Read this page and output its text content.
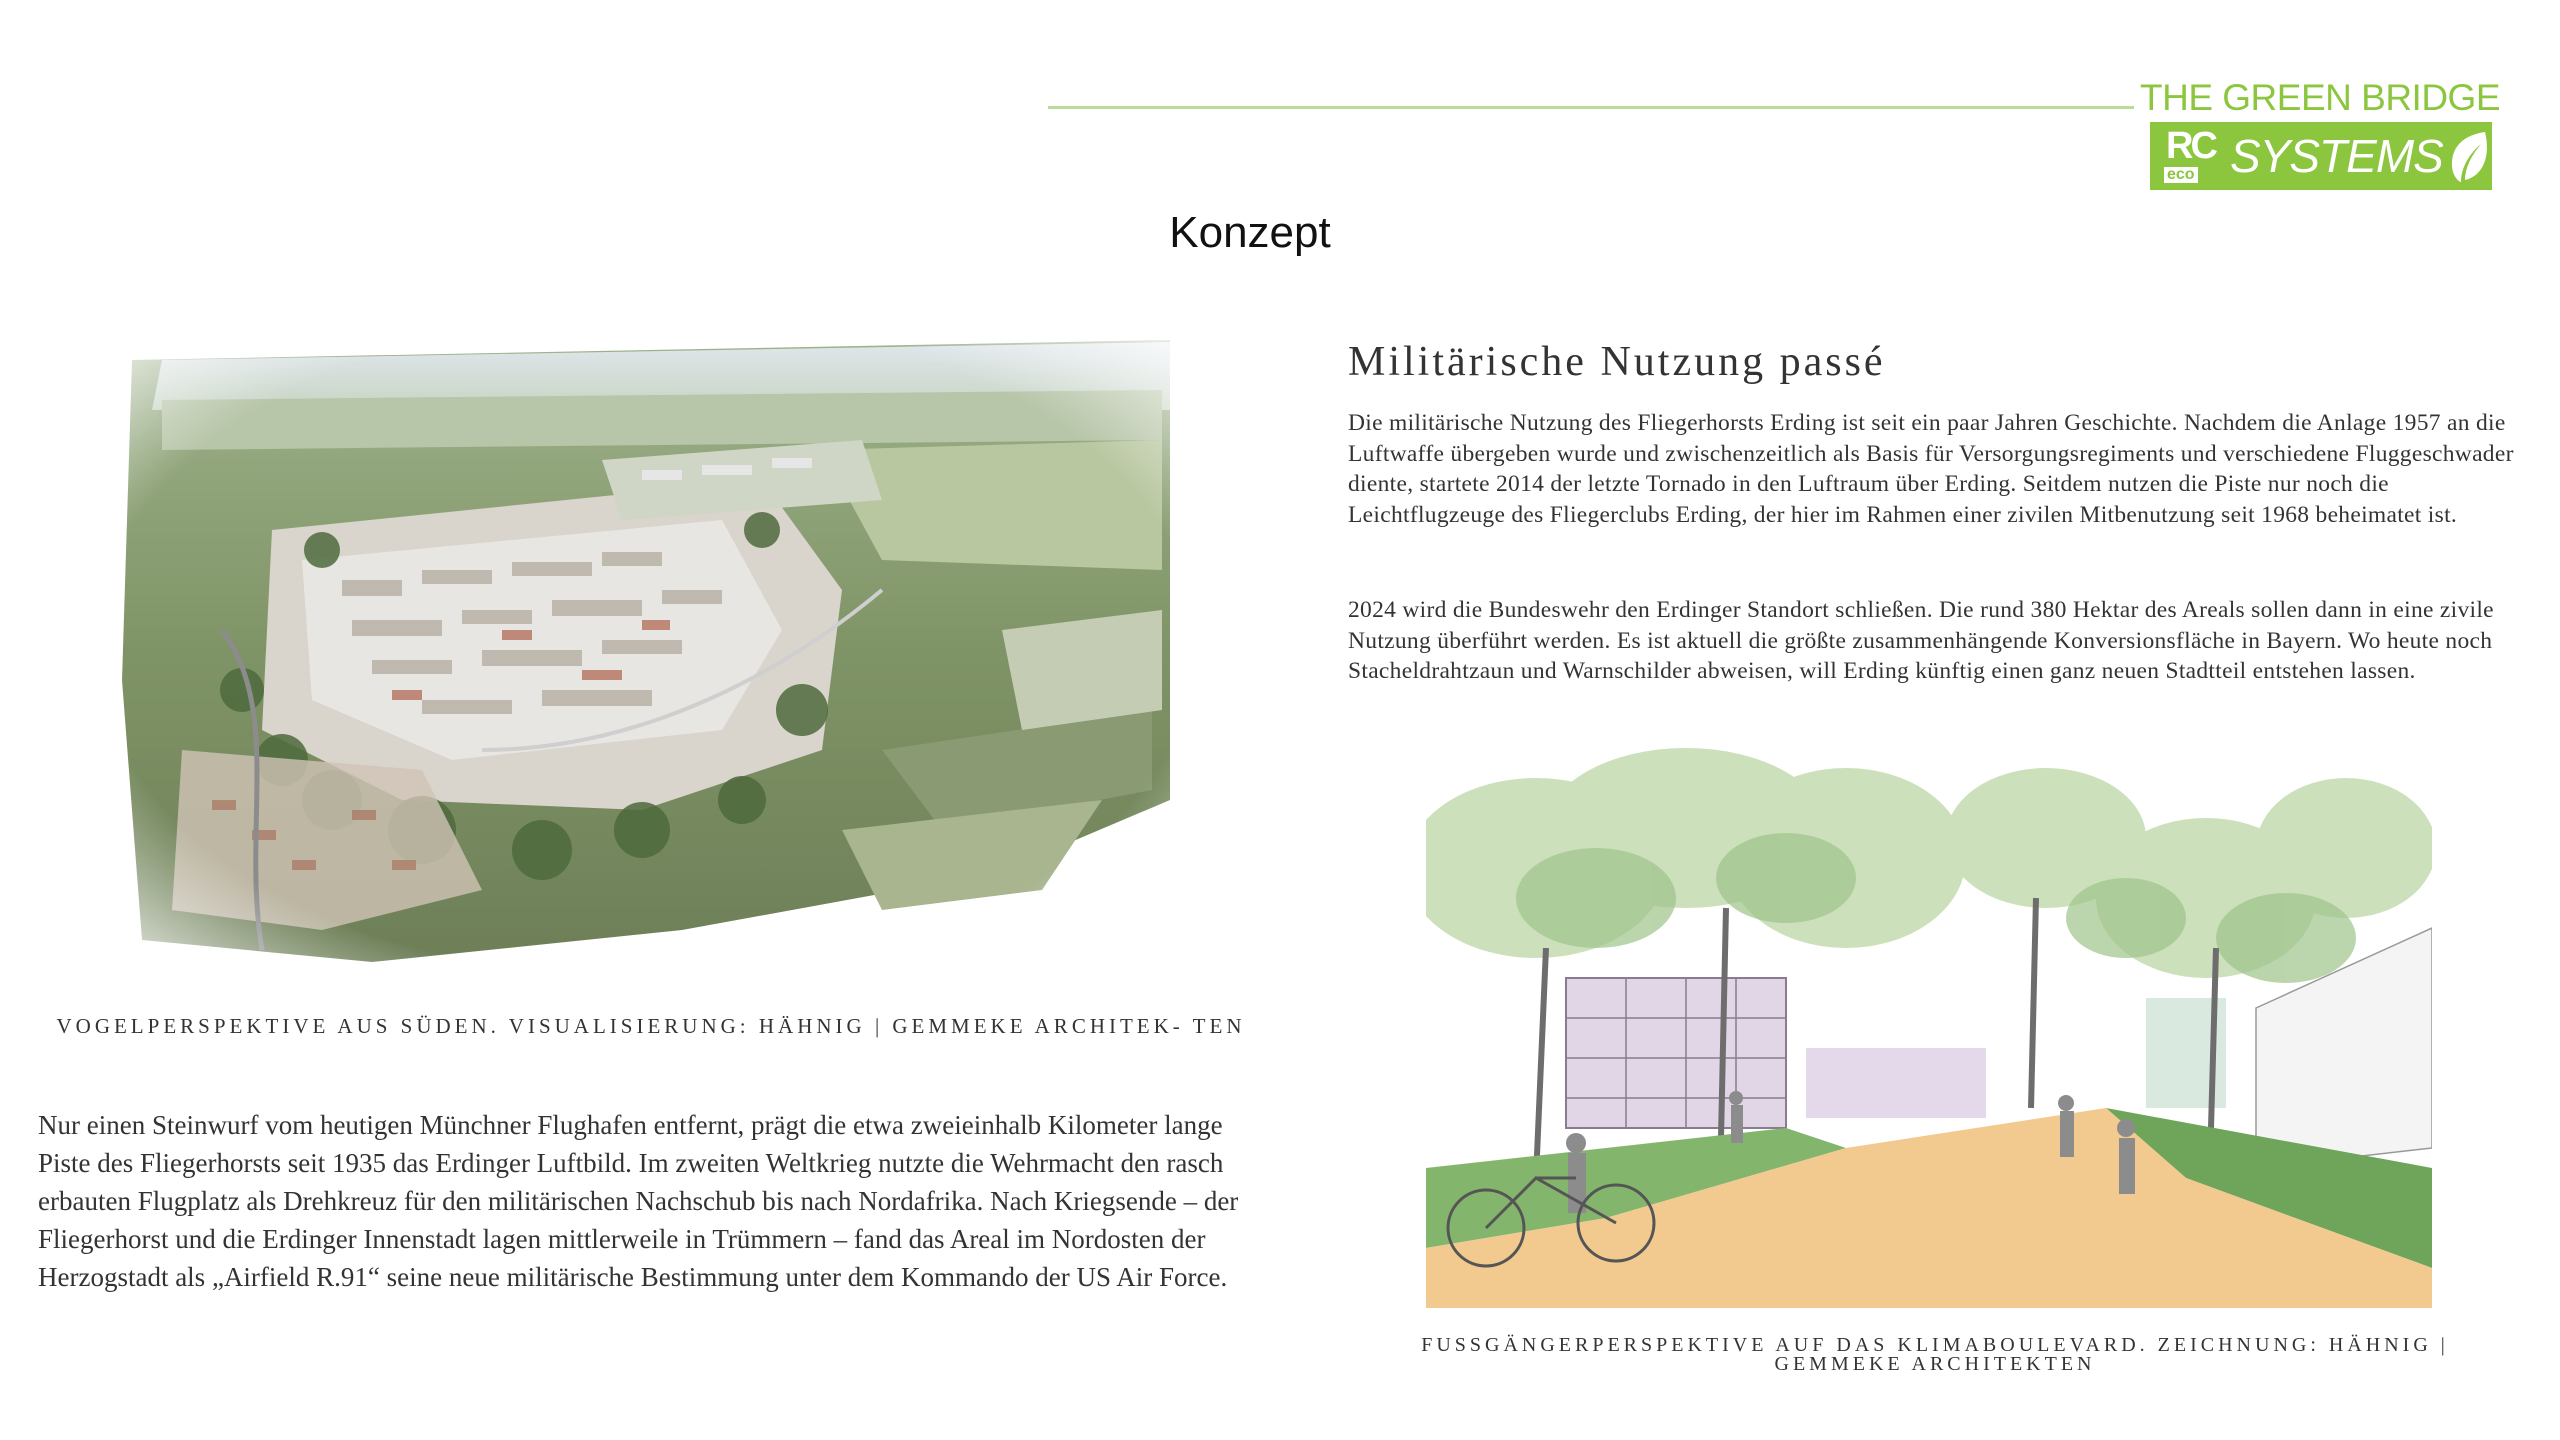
THE GREEN BRIDGE
RC
eco SYSTEMS
Konzept
VOGELPERSPEKTIVE AUS SÜDEN. VISUALISIERUNG: HÄHNIG | GEMMEKE ARCHITEK- TEN
Nur einen Steinwurf vom heutigen Münchner Flughafen entfernt, prägt die etwa zweieinhalb Kilometer lange Piste des Fliegerhorsts seit 1935 das Erdinger Luftbild. Im zweiten Weltkrieg nutzte die Wehrmacht den rasch erbauten Flugplatz als Drehkreuz für den militärischen Nachschub bis nach Nordafrika. Nach Kriegsende – der Fliegerhorst und die Erdinger Innenstadt lagen mittlerweile in Trümmern – fand das Areal im Nordosten der Herzogstadt als „Airfield R.91“ seine neue militärische Bestimmung unter dem Kommando der US Air Force.
Militärische Nutzung passé
Die militärische Nutzung des Fliegerhorsts Erding ist seit ein paar Jahren Geschichte. Nachdem die Anlage 1957 an die Luftwaffe übergeben wurde und zwischenzeitlich als Basis für Versorgungsregiments und verschiedene Fluggeschwader diente, startete 2014 der letzte Tornado in den Luftraum über Erding. Seitdem nutzen die Piste nur noch die Leichtflugzeuge des Fliegerclubs Erding, der hier im Rahmen einer zivilen Mitbenutzung seit 1968 beheimatet ist.
2024 wird die Bundeswehr den Erdinger Standort schließen. Die rund 380 Hektar des Areals sollen dann in eine zivile Nutzung überführt werden. Es ist aktuell die größte zusammenhängende Konversionsfläche in Bayern. Wo heute noch Stacheldrahtzaun und Warnschilder abweisen, will Erding künftig einen ganz neuen Stadtteil entstehen lassen.
FUSSGÄNGERPERSPEKTIVE AUF DAS KLIMABOULEVARD. ZEICHNUNG: HÄHNIG | GEMMEKE ARCHITEKTEN
